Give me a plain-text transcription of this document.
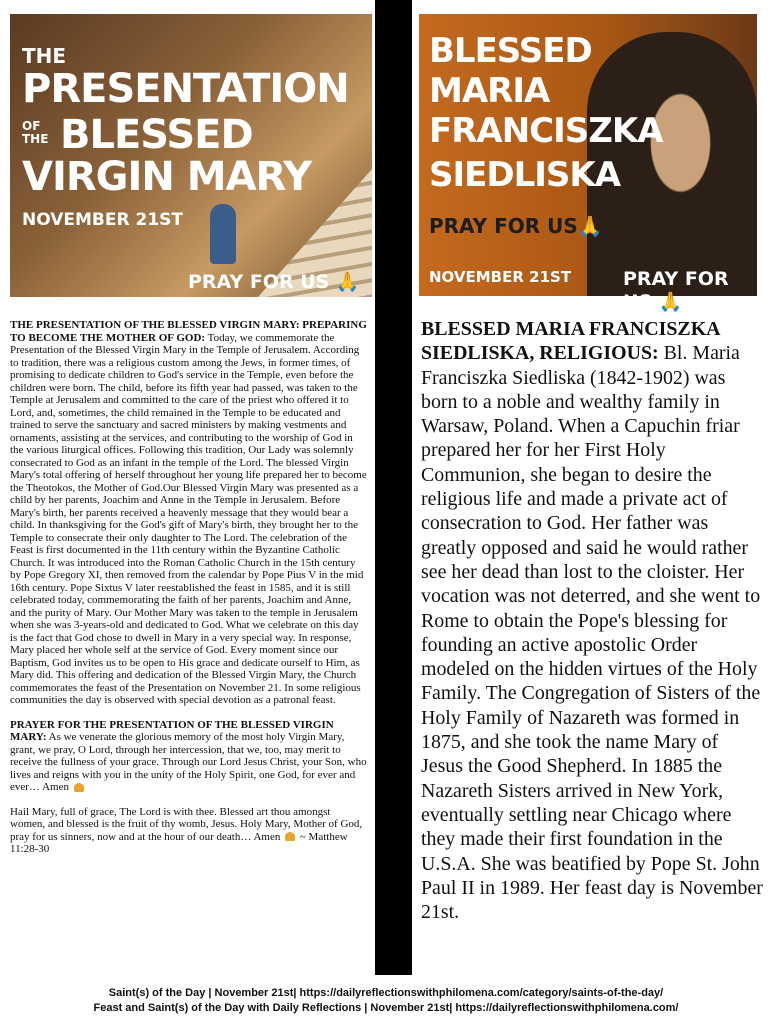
THE
PRESENTATION
OF THE BLESSED
VIRGIN MARY
NOVEMBER 21ST
PRAY FOR US 🙏
BLESSED
MARIA
FRANCISZKA
SIEDLISKA
PRAY FOR US🙏
NOVEMBER 21ST	PRAY FOR US 🙏

THE PRESENTATION OF THE BLESSED VIRGIN MARY: PREPARING TO BECOME THE MOTHER OF GOD: Today, we commemorate the Presentation of the Blessed Virgin Mary in the Temple of Jerusalem. According to tradition, there was a religious custom among the Jews, in former times, of promising to dedicate children to God's service in the Temple, even before the children were born. The child, before its fifth year had passed, was taken to the Temple at Jerusalem and committed to the care of the priest who offered it to Lord, and, sometimes, the child remained in the Temple to be educated and trained to serve the sanctuary and sacred ministers by making vestments and ornaments, assisting at the services, and contributing to the worship of God in the various liturgical offices. Following this tradition, Our Lady was solemnly consecrated to God as an infant in the temple of the Lord. The blessed Virgin Mary's total offering of herself throughout her young life prepared her to become the Theotokos, the Mother of God.Our Blessed Virgin Mary was presented as a child by her parents, Joachim and Anne in the Temple in Jerusalem. Before Mary's birth, her parents received a heavenly message that they would bear a child. In thanksgiving for the God's gift of Mary's birth, they brought her to the Temple to consecrate their only daughter to The Lord. The celebration of the Feast is first documented in the 11th century within the Byzantine Catholic Church. It was introduced into the Roman Catholic Church in the 15th century by Pope Gregory XI, then removed from the calendar by Pope Pius V in the mid 16th century. Pope Sixtus V later reestablished the feast in 1585, and it is still celebrated today, commemorating the faith of her parents, Joachim and Anne, and the purity of Mary. Our Mother Mary was taken to the temple in Jerusalem when she was 3-years-old and dedicated to God. What we celebrate on this day is the fact that God chose to dwell in Mary in a very special way. In response, Mary placed her whole self at the service of God. Every moment since our Baptism, God invites us to be open to His grace and dedicate ourself to Him, as Mary did. This offering and dedication of the Blessed Virgin Mary, the Church commemorates the feast of the Presentation on November 21. In some religious communities the day is observed with special devotion as a patronal feast.

PRAYER FOR THE PRESENTATION OF THE BLESSED VIRGIN MARY: As we venerate the glorious memory of the most holy Virgin Mary, grant, we pray, O Lord, through her intercession, that we, too, may merit to receive the fullness of your grace. Through our Lord Jesus Christ, your Son, who lives and reigns with you in the unity of the Holy Spirit, one God, for ever and ever… Amen

Hail Mary, full of grace, The Lord is with thee. Blessed art thou amongst women, and blessed is the fruit of thy womb, Jesus. Holy Mary, Mother of God, pray for us sinners, now and at the hour of our death… Amen ~ Matthew 11:28-30

BLESSED MARIA FRANCISZKA SIEDLISKA, RELIGIOUS: Bl. Maria Franciszka Siedliska (1842-1902) was born to a noble and wealthy family in Warsaw, Poland. When a Capuchin friar prepared her for her First Holy Communion, she began to desire the religious life and made a private act of consecration to God. Her father was greatly opposed and said he would rather see her dead than lost to the cloister. Her vocation was not deterred, and she went to Rome to obtain the Pope's blessing for founding an active apostolic Order modeled on the hidden virtues of the Holy Family. The Congregation of Sisters of the Holy Family of Nazareth was formed in 1875, and she took the name Mary of Jesus the Good Shepherd. In 1885 the Nazareth Sisters arrived in New York, eventually settling near Chicago where they made their first foundation in the U.S.A. She was beatified by Pope St. John Paul II in 1989. Her feast day is November 21st.
Saint(s) of the Day | November 21st| https://dailyreflectionswithphilomena.com/category/saints-of-the-day/
Feast and Saint(s) of the Day with Daily Reflections | November 21st| https://dailyreflectionswithphilomena.com/
